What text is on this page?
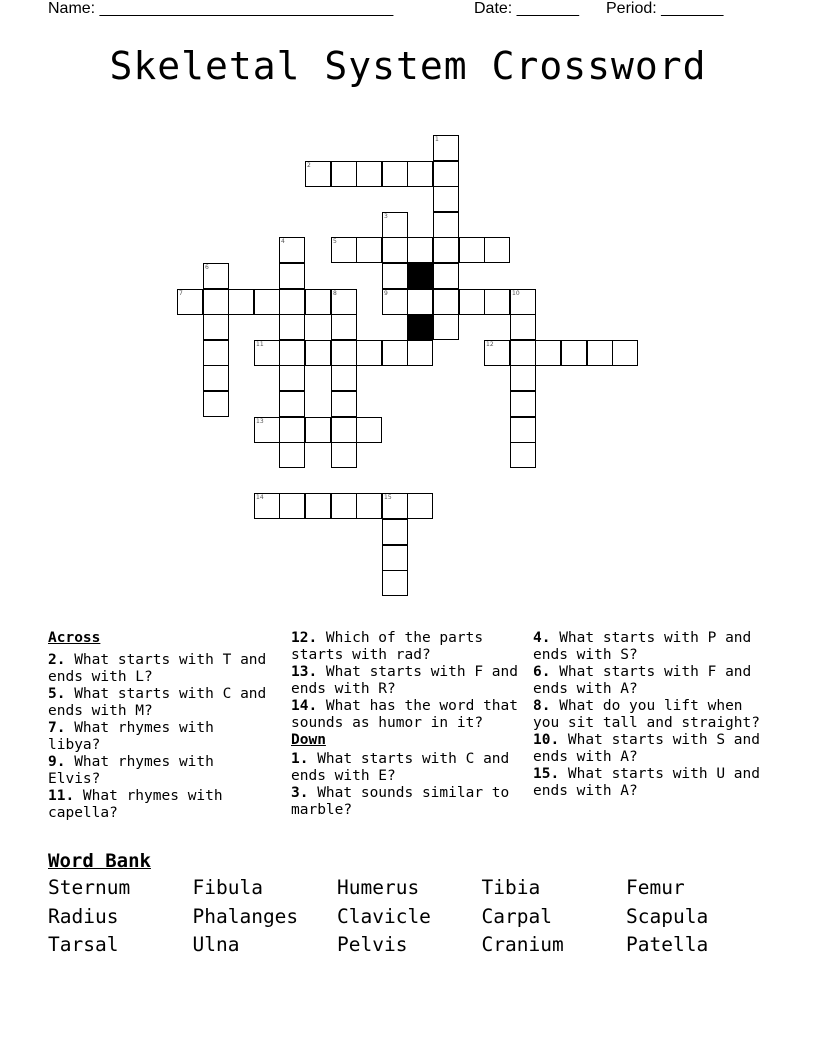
Name: _________________________________	Date: _______ Period: _______
Skeletal System Crossword
1
2
3
9
4	5
6
7	8	10
11	12
13
14	15
Across
2. What starts with T and ends with L?
5. What starts with C and ends with M?
7. What rhymes with libya?
9. What rhymes with Elvis?
11. What rhymes with capella?
12. Which of the parts starts with rad?
13. What starts with F and ends with R?
14. What has the word that sounds as humor in it?
Down
1. What starts with C and ends with E?
3. What sounds similar to marble?
4. What starts with P and ends with S?
6. What starts with F and ends with A?
8. What do you lift when you sit tall and straight?
10. What starts with S and ends with A?
15. What starts with U and ends with A?
Word Bank
Sternum	Fibula	Humerus	Tibia	Femur
Radius	Phalanges Clavicle	Carpal	Scapula
Tarsal	Ulna	Pelvis	Cranium	Patella
